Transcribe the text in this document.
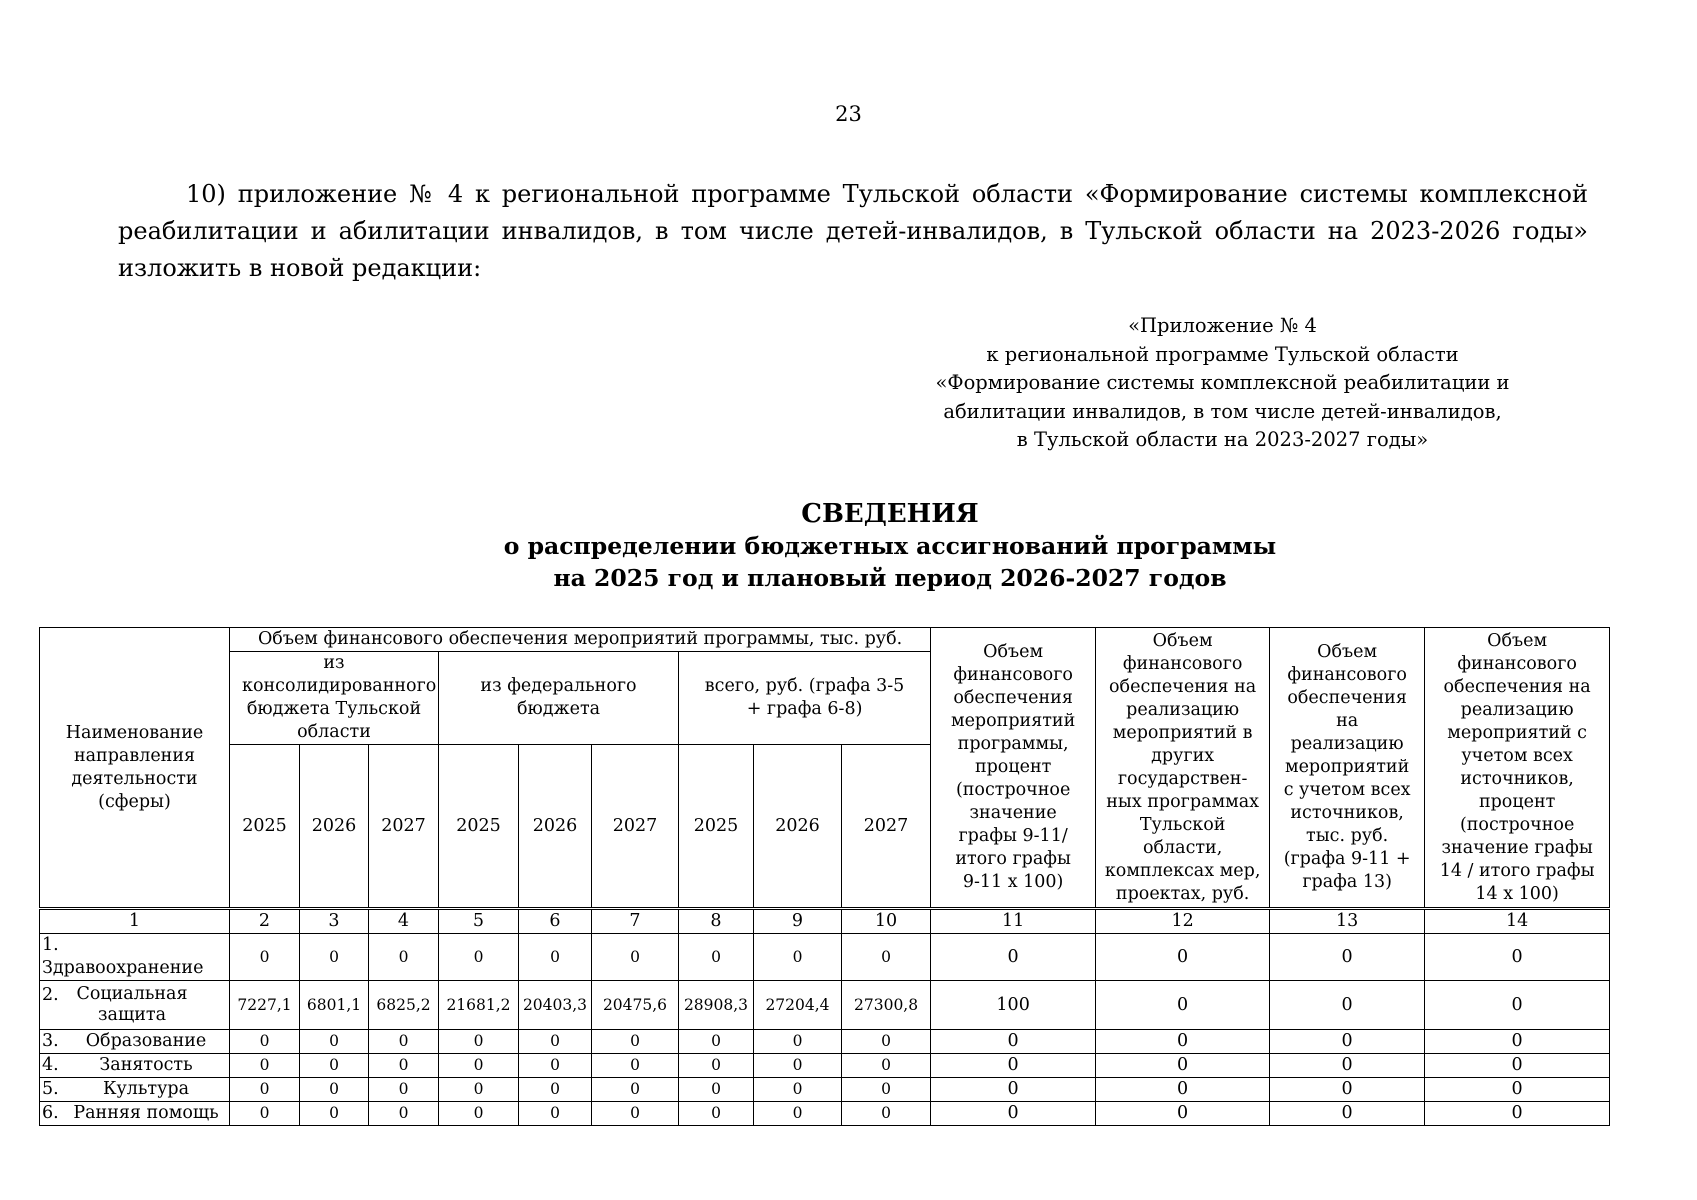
23
10) приложение № 4 к региональной программе Тульской области «Формирование системы комплексной реабилитации и абилитации инвалидов, в том числе детей-инвалидов, в Тульской области на 2023-2026 годы» изложить в новой редакции:
«Приложение № 4
к региональной программе Тульской области
«Формирование системы комплексной реабилитации и
абилитации инвалидов, в том числе детей-инвалидов,
в Тульской области на 2023-2027 годы»
СВЕДЕНИЯ
о распределении бюджетных ассигнований программы
на 2025 год и плановый период 2026-2027 годов
Наименование направления деятельности (сферы)	Объем финансового обеспечения мероприятий программы, тыс. руб.									Объем финансового обеспечения мероприятий программы, процент (построчное значение графы 9-11/ итого графы 9-11 х 100)	Объем финансового обеспечения на реализацию мероприятий в других государствен-ных программах Тульской области, комплексах мер, проектах, руб.	Объем финансового обеспечения на реализацию мероприятий с учетом всех источников, тыс. руб. (графа 9-11 + графа 13)	Объем финансового обеспечения на реализацию мероприятий с учетом всех источников, процент (построчное значение графы 14 / итого графы 14 х 100)
	из консолидированного бюджета Тульской области			из федерального бюджета			всего, руб. (графа 3-5 + графа 6-8)						
	2025	2026	2027	2025	2026	2027	2025	2026	2027				
1	2	3	4	5	6	7	8	9	10	11	12	13	14
1.Здравоохранение	0	0	0	0	0	0	0	0	0	0	0	0	0
2. Социальная защита	7227,1	6801,1	6825,2	21681,2	20403,3	20475,6	28908,3	27204,4	27300,8	100	0	0	0
3. Образование	0	0	0	0	0	0	0	0	0	0	0	0	0
4. Занятость	0	0	0	0	0	0	0	0	0	0	0	0	0
5. Культура	0	0	0	0	0	0	0	0	0	0	0	0	0
6. Ранняя помощь	0	0	0	0	0	0	0	0	0	0	0	0	0
